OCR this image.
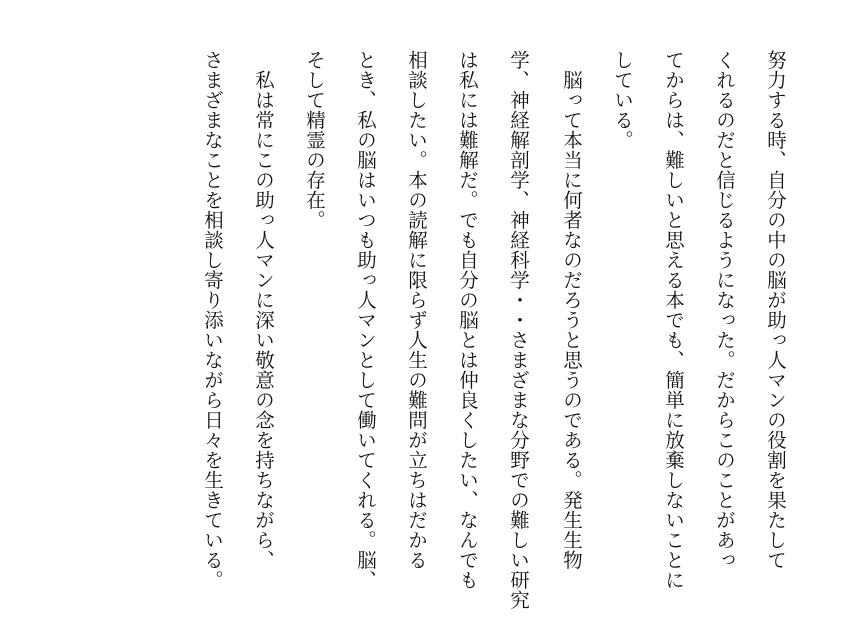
努力する時、自分の中の脳が助っ人マンの役割を果たして
くれるのだと信じるようになった。だからこのことがあっ
てからは、難しいと思える本でも、簡単に放棄しないことに
している。
　脳って本当に何者なのだろうと思うのである。発生生物
学、神経解剖学、神経科学・・さまざまな分野での難しい研究
は私には難解だ。でも自分の脳とは仲良くしたい、なんでも
相談したい。本の読解に限らず人生の難問が立ちはだかる
とき、私の脳はいつも助っ人マンとして働いてくれる。脳、
そして精霊の存在。
　私は常にこの助っ人マンに深い敬意の念を持ちながら、
さまざまなことを相談し寄り添いながら日々を生きている。
